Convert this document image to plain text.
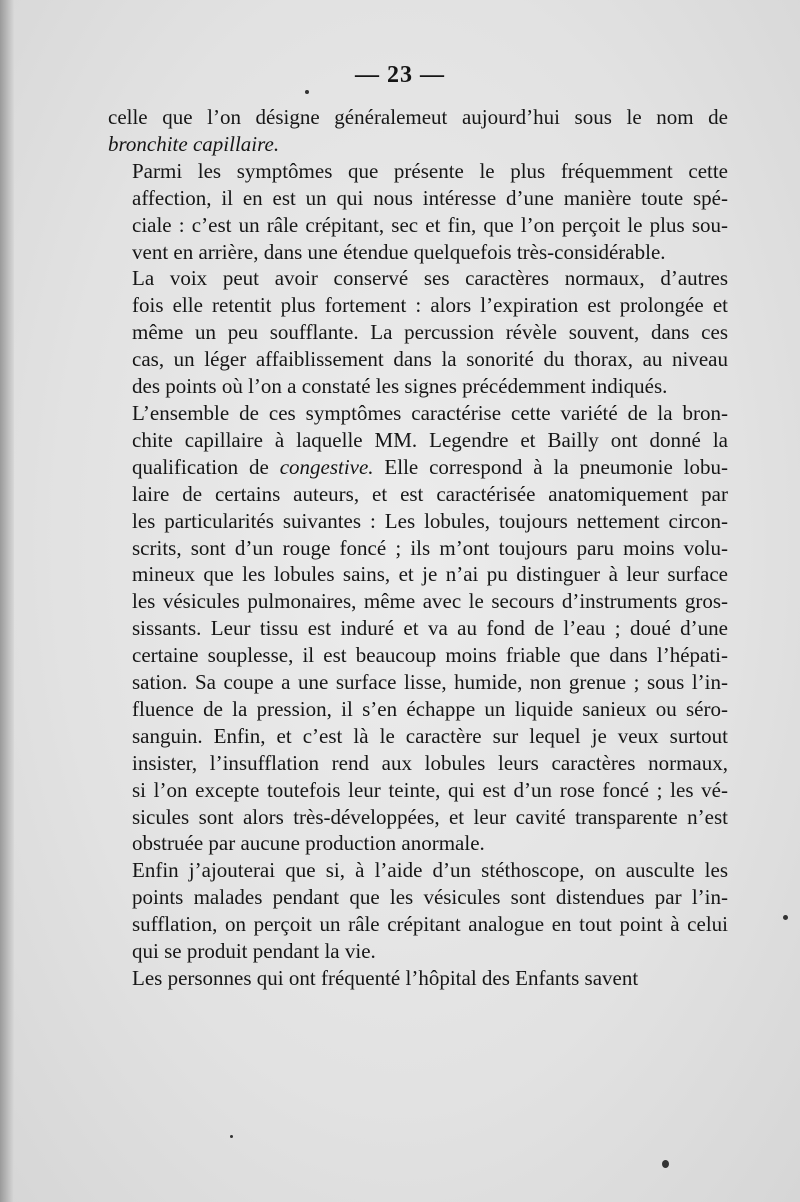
— 23 —
celle que l’on désigne généralemeut aujourd’hui sous le nom de
bronchite capillaire.
Parmi les symptômes que présente le plus fréquemment cette
affection, il en est un qui nous intéresse d’une manière toute spé-
ciale : c’est un râle crépitant, sec et fin, que l’on perçoit le plus sou-
vent en arrière, dans une étendue quelquefois très-considérable.
La voix peut avoir conservé ses caractères normaux, d’autres
fois elle retentit plus fortement : alors l’expiration est prolongée et
même un peu soufflante. La percussion révèle souvent, dans ces
cas, un léger affaiblissement dans la sonorité du thorax, au niveau
des points où l’on a constaté les signes précédemment indiqués.
L’ensemble de ces symptômes caractérise cette variété de la bron-
chite capillaire à laquelle MM. Legendre et Bailly ont donné la
qualification de congestive. Elle correspond à la pneumonie lobu-
laire de certains auteurs, et est caractérisée anatomiquement par
les particularités suivantes : Les lobules, toujours nettement circon-
scrits, sont d’un rouge foncé ; ils m’ont toujours paru moins volu-
mineux que les lobules sains, et je n’ai pu distinguer à leur surface
les vésicules pulmonaires, même avec le secours d’instruments gros-
sissants. Leur tissu est induré et va au fond de l’eau ; doué d’une
certaine souplesse, il est beaucoup moins friable que dans l’hépati-
sation. Sa coupe a une surface lisse, humide, non grenue ; sous l’in-
fluence de la pression, il s’en échappe un liquide sanieux ou séro-
sanguin. Enfin, et c’est là le caractère sur lequel je veux surtout
insister, l’insufflation rend aux lobules leurs caractères normaux,
si l’on excepte toutefois leur teinte, qui est d’un rose foncé ; les vé-
sicules sont alors très-développées, et leur cavité transparente n’est
obstruée par aucune production anormale.
Enfin j’ajouterai que si, à l’aide d’un stéthoscope, on ausculte les
points malades pendant que les vésicules sont distendues par l’in-
sufflation, on perçoit un râle crépitant analogue en tout point à celui
qui se produit pendant la vie.
Les personnes qui ont fréquenté l’hôpital des Enfants savent
